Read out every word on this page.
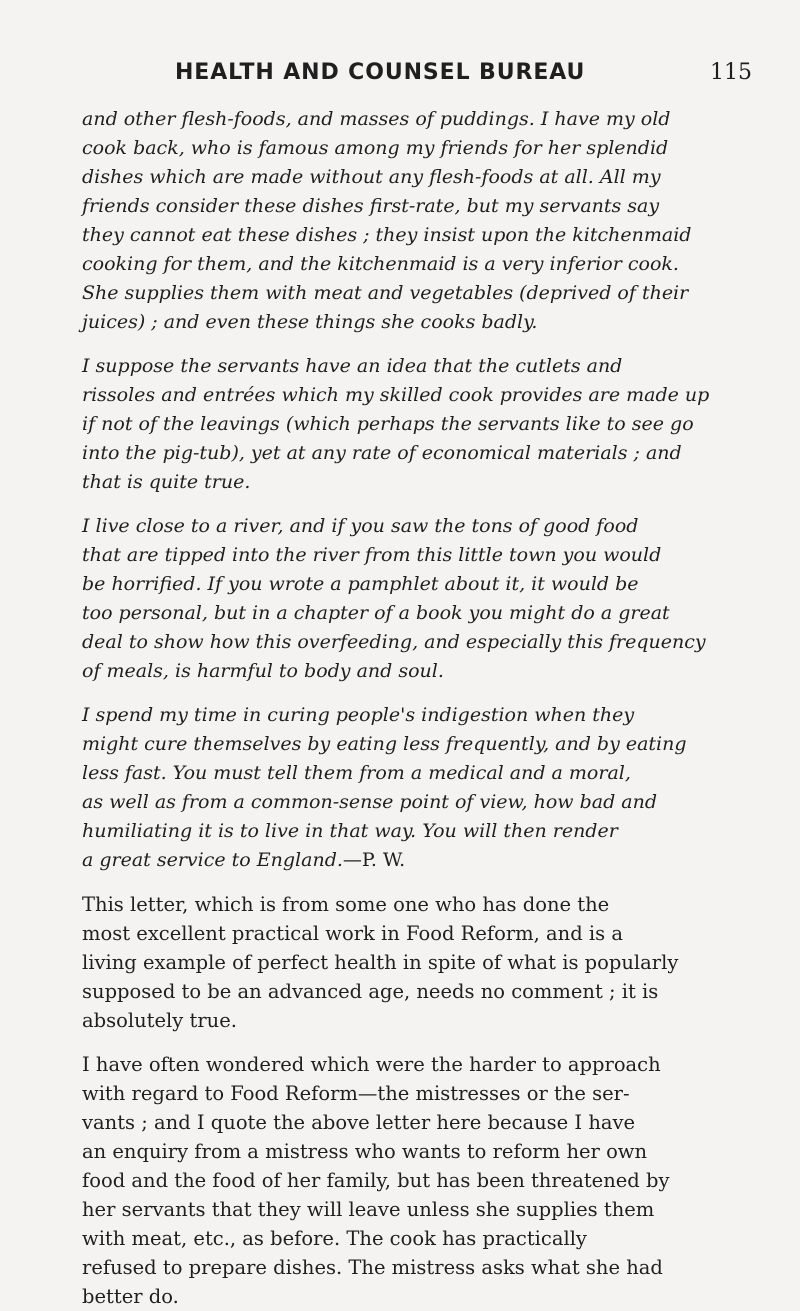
HEALTH AND COUNSEL BUREAU	115

and other flesh-foods, and masses of puddings. I have my old
cook back, who is famous among my friends for her splendid
dishes which are made without any flesh-foods at all. All my
friends consider these dishes first-rate, but my servants say
they cannot eat these dishes ; they insist upon the kitchenmaid
cooking for them, and the kitchenmaid is a very inferior cook.
She supplies them with meat and vegetables (deprived of their
juices) ; and even these things she cooks badly.

I suppose the servants have an idea that the cutlets and
rissoles and entrées which my skilled cook provides are made up
if not of the leavings (which perhaps the servants like to see go
into the pig-tub), yet at any rate of economical materials ; and
that is quite true.

I live close to a river, and if you saw the tons of good food
that are tipped into the river from this little town you would
be horrified. If you wrote a pamphlet about it, it would be
too personal, but in a chapter of a book you might do a great
deal to show how this overfeeding, and especially this frequency
of meals, is harmful to body and soul.

I spend my time in curing people's indigestion when they
might cure themselves by eating less frequently, and by eating
less fast. You must tell them from a medical and a moral,
as well as from a common-sense point of view, how bad and
humiliating it is to live in that way. You will then render
a great service to England.—P. W.

This letter, which is from some one who has done the
most excellent practical work in Food Reform, and is a
living example of perfect health in spite of what is popularly
supposed to be an advanced age, needs no comment ; it is
absolutely true.

I have often wondered which were the harder to approach
with regard to Food Reform—the mistresses or the ser-
vants ; and I quote the above letter here because I have
an enquiry from a mistress who wants to reform her own
food and the food of her family, but has been threatened by
her servants that they will leave unless she supplies them
with meat, etc., as before. The cook has practically
refused to prepare dishes. The mistress asks what she had
better do.
